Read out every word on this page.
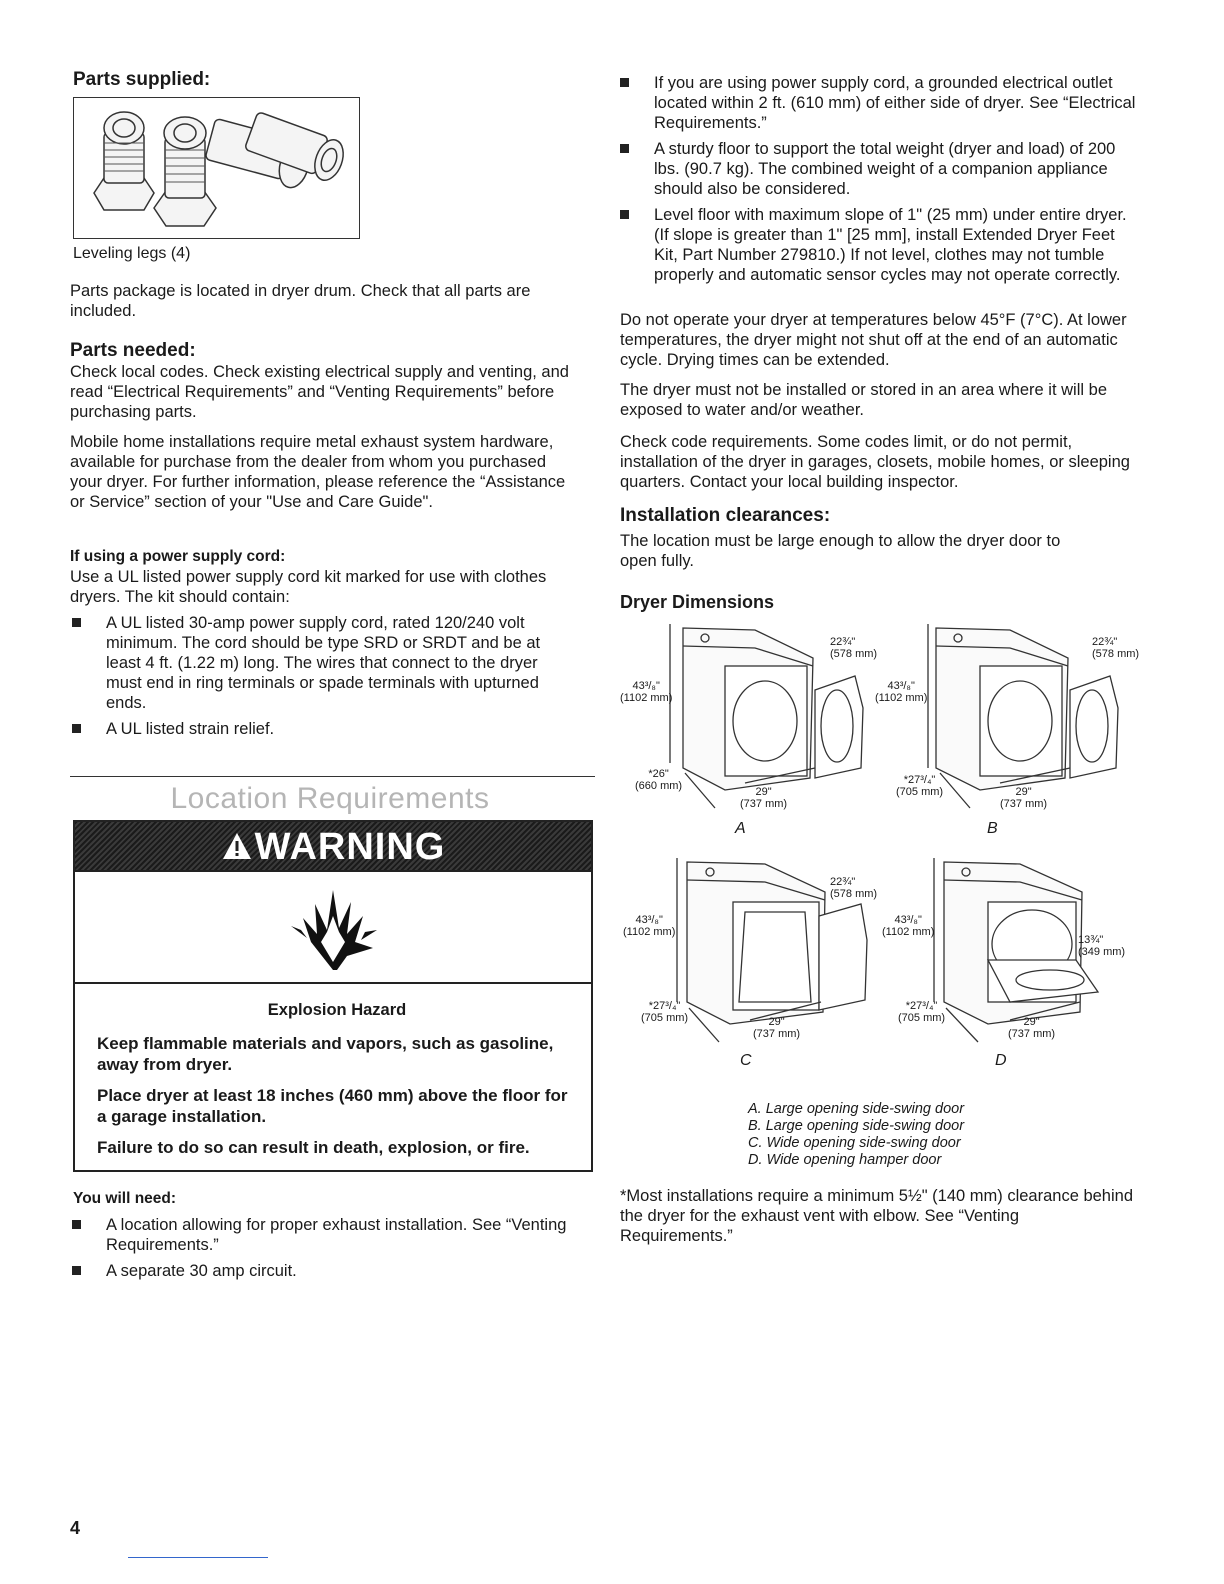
Parts supplied:

Leveling legs (4)

Parts package is located in dryer drum. Check that all parts are included.

Parts needed:

Check local codes. Check existing electrical supply and venting, and read “Electrical Requirements” and “Venting Requirements” before purchasing parts.

Mobile home installations require metal exhaust system hardware, available for purchase from the dealer from whom you purchased your dryer. For further information, please reference the “Assistance or Service” section of your "Use and Care Guide".

If using a power supply cord:

Use a UL listed power supply cord kit marked for use with clothes dryers. The kit should contain:

A UL listed 30-amp power supply cord, rated 120/240 volt minimum. The cord should be type SRD or SRDT and be at least 4 ft. (1.22 m) long. The wires that connect to the dryer must end in ring terminals or spade terminals with upturned ends.
A UL listed strain relief.
Location Requirements
WARNING

Explosion Hazard

Keep flammable materials and vapors, such as gasoline, away from dryer.

Place dryer at least 18 inches (460 mm) above the floor for a garage installation.

Failure to do so can result in death, explosion, or fire.

You will need:
A location allowing for proper exhaust installation. See “Venting Requirements.”
A separate 30 amp circuit.
4
If you are using power supply cord, a grounded electrical outlet located within 2 ft. (610 mm) of either side of dryer. See “Electrical Requirements.”
A sturdy floor to support the total weight (dryer and load) of 200 lbs. (90.7 kg). The combined weight of a companion appliance should also be considered.
Level floor with maximum slope of 1" (25 mm) under entire dryer. (If slope is greater than 1" [25 mm], install Extended Dryer Feet Kit, Part Number 279810.) If not level, clothes may not tumble properly and automatic sensor cycles may not operate correctly.

Do not operate your dryer at temperatures below 45°F (7°C). At lower temperatures, the dryer might not shut off at the end of an automatic cycle. Drying times can be extended.

The dryer must not be installed or stored in an area where it will be exposed to water and/or weather.

Check code requirements. Some codes limit, or do not permit, installation of the dryer in garages, closets, mobile homes, or sleeping quarters. Contact your local building inspector.

Installation clearances:

The location must be large enough to allow the dryer door to open fully.

Dryer Dimensions
22¾"
(578 mm)
43³/₈"
(1102 mm)
*26"
(660 mm)	29"
(737 mm)
A
22¾"
(578 mm)
43³/₈"
(1102 mm)
*27³/₄"
(705 mm)	29"
(737 mm)
B
22¾"
(578 mm)
43³/₈"
(1102 mm)
*27³/₄"
(705 mm)	29"
(737 mm)
C
13¾"
(349 mm)
43³/₈"
(1102 mm)
*27³/₄"
(705 mm)	29"
(737 mm)
D

A. Large opening side-swing door

B. Large opening side-swing door

C. Wide opening side-swing door

D. Wide opening hamper door

*Most installations require a minimum 5½" (140 mm) clearance behind the dryer for the exhaust vent with elbow. See “Venting Requirements.”
